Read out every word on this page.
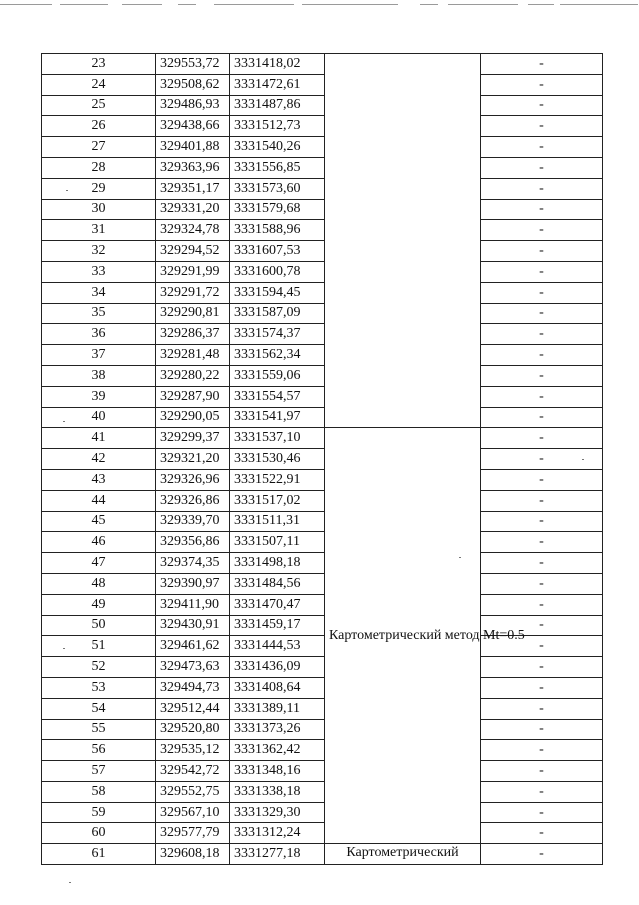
23	329553,72	3331418,02		-
24	329508,62	3331472,61		-
25	329486,93	3331487,86		-
26	329438,66	3331512,73		-
27	329401,88	3331540,26		-
28	329363,96	3331556,85		-
29	329351,17	3331573,60		-
30	329331,20	3331579,68		-
31	329324,78	3331588,96		-
32	329294,52	3331607,53		-
33	329291,99	3331600,78		-
34	329291,72	3331594,45		-
35	329290,81	3331587,09		-
36	329286,37	3331574,37		-
37	329281,48	3331562,34		-
38	329280,22	3331559,06		-
39	329287,90	3331554,57		-
40	329290,05	3331541,97		-
41	329299,37	3331537,10	Картометрический метод Mt=0.5	-
42	329321,20	3331530,46		-
43	329326,96	3331522,91		-
44	329326,86	3331517,02		-
45	329339,70	3331511,31		-
46	329356,86	3331507,11		-
47	329374,35	3331498,18		-
48	329390,97	3331484,56		-
49	329411,90	3331470,47		-
50	329430,91	3331459,17		-
51	329461,62	3331444,53		-
52	329473,63	3331436,09		-
53	329494,73	3331408,64		-
54	329512,44	3331389,11		-
55	329520,80	3331373,26		-
56	329535,12	3331362,42		-
57	329542,72	3331348,16		-
58	329552,75	3331338,18		-
59	329567,10	3331329,30		-
60	329577,79	3331312,24		-
61	329608,18	3331277,18	Картометрический	-
